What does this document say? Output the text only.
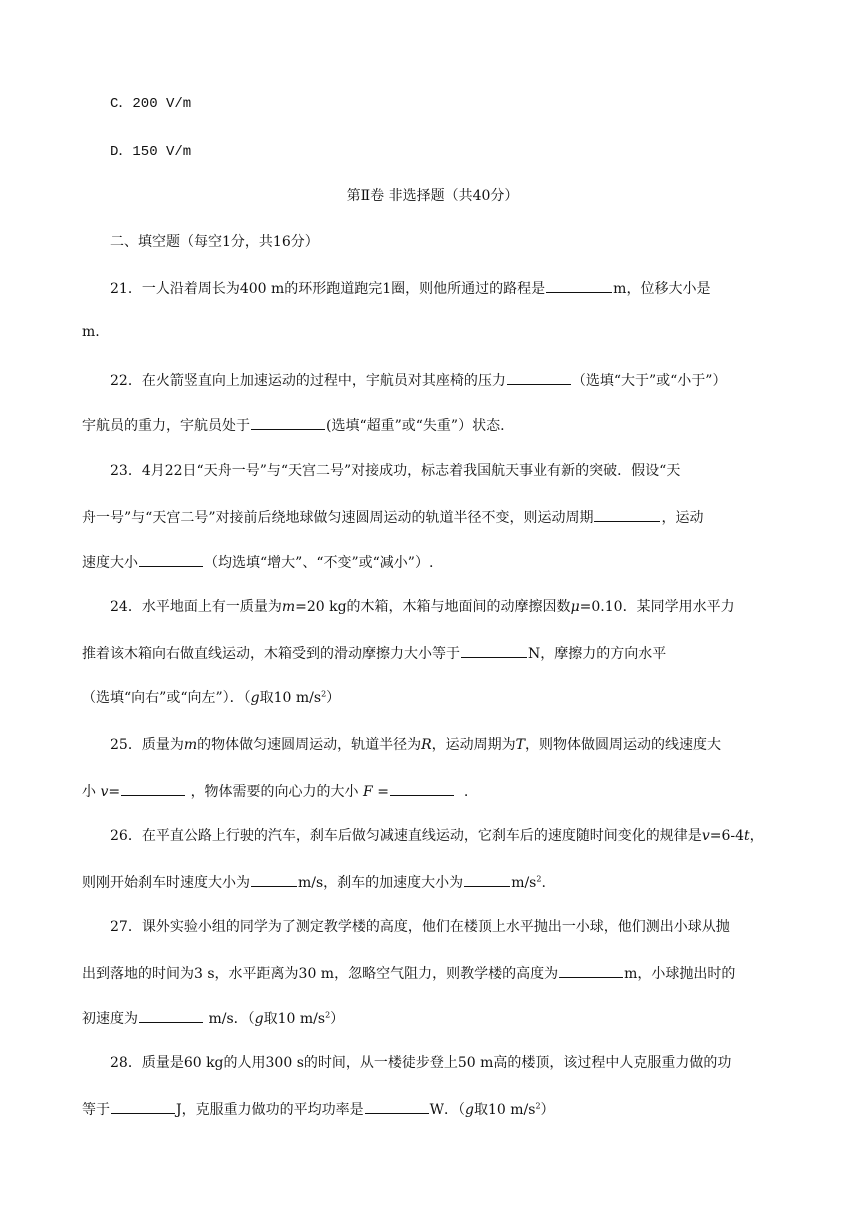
C．200 V/m
D．150 V/m
第Ⅱ卷 非选择题（共40分）
二、填空题（每空1分，共16分）
21．一人沿着周长为400 m的环形跑道跑完1圈，则他所通过的路程是	m，位移大小是
m.
22．在火箭竖直向上加速运动的过程中，宇航员对其座椅的压力	（选填“大于”或“小于”）
宇航员的重力，宇航员处于	(选填“超重”或“失重”）状态.
23．4月22日“天舟一号”与“天宫二号”对接成功，标志着我国航天事业有新的突破．假设“天
舟一号”与“天宫二号”对接前后绕地球做匀速圆周运动的轨道半径不变，则运动周期	，运动
速度大小	（均选填“增大”、“不变”或“减小”）.
24．水平地面上有一质量为m=20 kg的木箱，木箱与地面间的动摩擦因数μ=0.10．某同学用水平力
推着该木箱向右做直线运动，木箱受到的滑动摩擦力大小等于	N，摩擦力的方向水平
（选填“向右”或“向左”）．（g取10 $m/s^2$）
25．质量为m的物体做匀速圆周运动，轨道半径为R，运动周期为T，则物体做圆周运动的线速度大
小 v=	，物体需要的向心力的大小 F =	.
26．在平直公路上行驶的汽车，刹车后做匀减速直线运动，它刹车后的速度随时间变化的规律是v=6-4t，
则刚开始刹车时速度大小为	m/s，刹车的加速度大小为	$m/s^2$.
27．课外实验小组的同学为了测定教学楼的高度，他们在楼顶上水平抛出一小球，他们测出小球从抛
出到落地的时间为3 s，水平距离为30 m，忽略空气阻力，则教学楼的高度为	m，小球抛出时的
初速度为	m/s．（g取10 $m/s^2$）
28．质量是60 kg的人用300 s的时间，从一楼徒步登上50 m高的楼顶，该过程中人克服重力做的功
等于	J，克服重力做功的平均功率是	W．（g取10 $m/s^2$）
